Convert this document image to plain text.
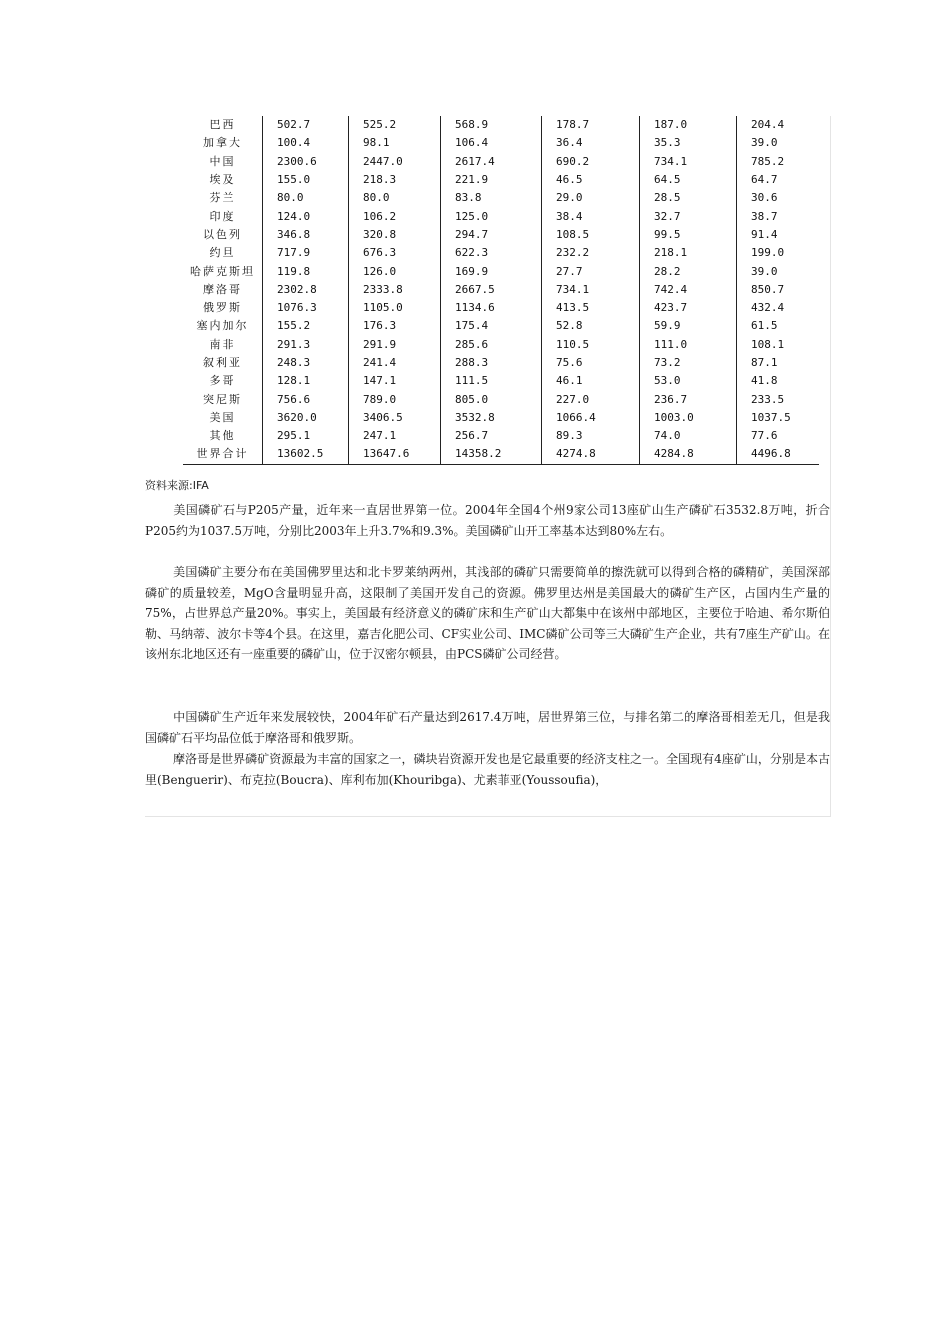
巴西	502.7	525.2	568.9	178.7	187.0	204.4
加拿大	100.4	98.1	106.4	36.4	35.3	39.0
中国	2300.6	2447.0	2617.4	690.2	734.1	785.2
埃及	155.0	218.3	221.9	46.5	64.5	64.7
芬兰	80.0	80.0	83.8	29.0	28.5	30.6
印度	124.0	106.2	125.0	38.4	32.7	38.7
以色列	346.8	320.8	294.7	108.5	99.5	91.4
约旦	717.9	676.3	622.3	232.2	218.1	199.0
哈萨克斯坦	119.8	126.0	169.9	27.7	28.2	39.0
摩洛哥	2302.8	2333.8	2667.5	734.1	742.4	850.7
俄罗斯	1076.3	1105.0	1134.6	413.5	423.7	432.4
塞内加尔	155.2	176.3	175.4	52.8	59.9	61.5
南非	291.3	291.9	285.6	110.5	111.0	108.1
叙利亚	248.3	241.4	288.3	75.6	73.2	87.1
多哥	128.1	147.1	111.5	46.1	53.0	41.8
突尼斯	756.6	789.0	805.0	227.0	236.7	233.5
美国	3620.0	3406.5	3532.8	1066.4	1003.0	1037.5
其他	295.1	247.1	256.7	89.3	74.0	77.6
世界合计	13602.5	13647.6	14358.2	4274.8	4284.8	4496.8
资料来源:IFA

美国磷矿石与P205产量，近年来一直居世界第一位。2004年全国4个州9家公司13座矿山生产磷矿石3532.8万吨，折合P205约为1037.5万吨，分别比2003年上升3.7%和9.3%。美国磷矿山开工率基本达到80%左右。

美国磷矿主要分布在美国佛罗里达和北卡罗莱纳两州，其浅部的磷矿只需要简单的擦洗就可以得到合格的磷精矿，美国深部磷矿的质量较差，MgO含量明显升高，这限制了美国开发自己的资源。佛罗里达州是美国最大的磷矿生产区，占国内生产量的75%，占世界总产量20%。事实上，美国最有经济意义的磷矿床和生产矿山大都集中在该州中部地区，主要位于哈迪、希尔斯伯勒、马纳蒂、波尔卡等4个县。在这里，嘉吉化肥公司、CF实业公司、IMC磷矿公司等三大磷矿生产企业，共有7座生产矿山。在该州东北地区还有一座重要的磷矿山，位于汉密尔顿县，由PCS磷矿公司经营。

中国磷矿生产近年来发展较快，2004年矿石产量达到2617.4万吨，居世界第三位，与排名第二的摩洛哥相差无几，但是我国磷矿石平均品位低于摩洛哥和俄罗斯。

摩洛哥是世界磷矿资源最为丰富的国家之一，磷块岩资源开发也是它最重要的经济支柱之一。全国现有4座矿山，分别是本古里(Benguerir)、布克拉(Boucra)、库利布加(Khouribga)、尤素菲亚(Youssoufia)，
